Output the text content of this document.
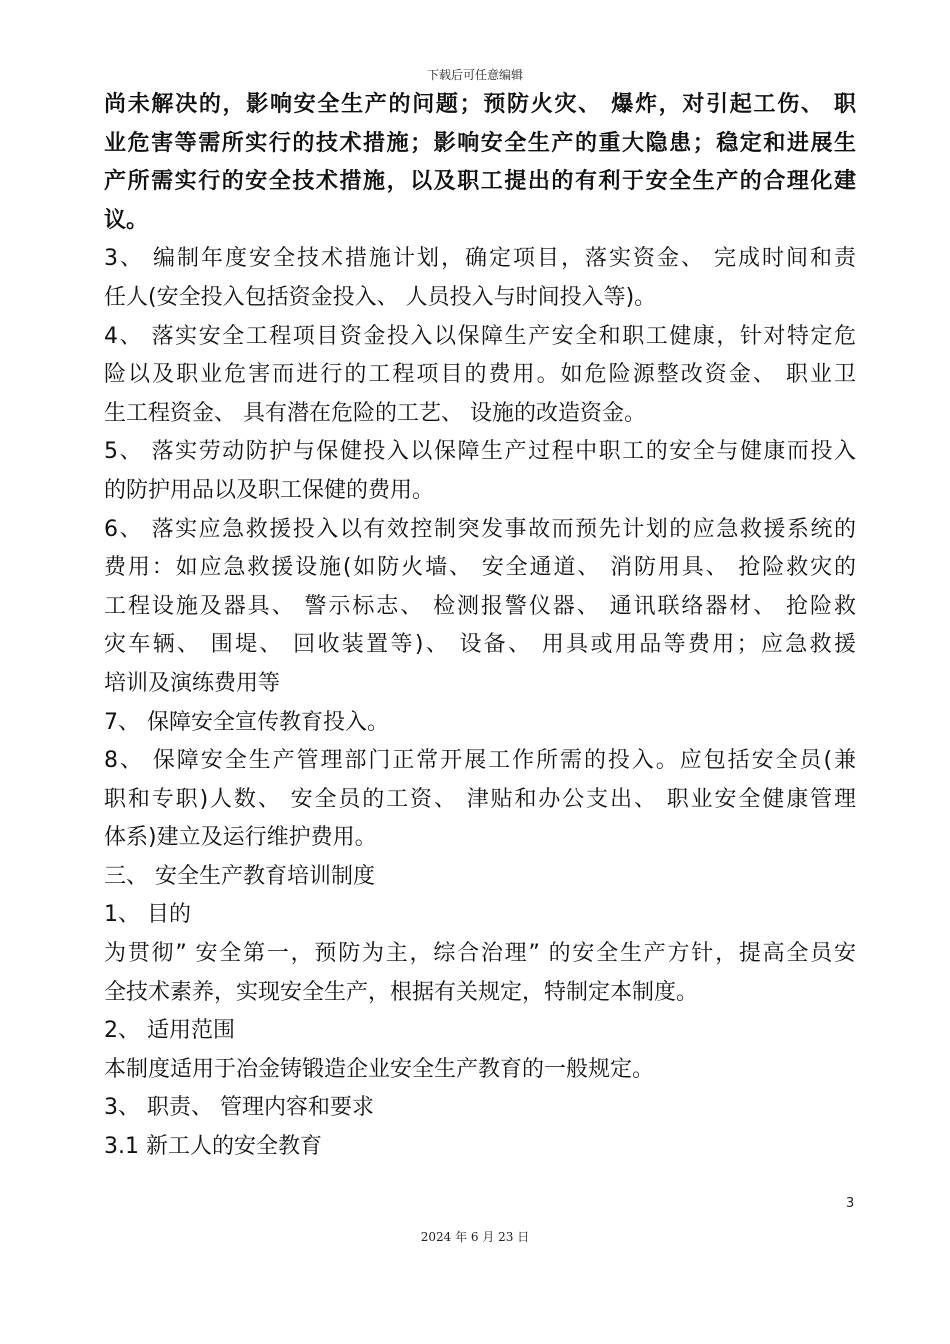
下载后可任意编辑
尚未解决的，影响安全生产的问题；预防火灾、 爆炸，对引起工伤、 职
业危害等需所实行的技术措施；影响安全生产的重大隐患；稳定和进展生
产所需实行的安全技术措施，以及职工提出的有利于安全生产的合理化建
议。
3、 编制年度安全技术措施计划，确定项目，落实资金、 完成时间和责
任人(安全投入包括资金投入、 人员投入与时间投入等)。
4、 落实安全工程项目资金投入以保障生产安全和职工健康，针对特定危
险以及职业危害而进行的工程项目的费用。如危险源整改资金、 职业卫
生工程资金、 具有潜在危险的工艺、 设施的改造资金。
5、 落实劳动防护与保健投入以保障生产过程中职工的安全与健康而投入
的防护用品以及职工保健的费用。
6、 落实应急救援投入以有效控制突发事故而预先计划的应急救援系统的
费用：如应急救援设施(如防火墙、 安全通道、 消防用具、 抢险救灾的
工程设施及器具、 警示标志、 检测报警仪器、 通讯联络器材、 抢险救
灾车辆、 围堤、 回收装置等)、 设备、 用具或用品等费用；应急救援
培训及演练费用等
7、 保障安全宣传教育投入。
8、 保障安全生产管理部门正常开展工作所需的投入。应包括安全员(兼
职和专职)人数、 安全员的工资、 津贴和办公支出、 职业安全健康管理
体系)建立及运行维护费用。
三、 安全生产教育培训制度
1、 目的
为贯彻” 安全第一，预防为主，综合治理” 的安全生产方针，提高全员安
全技术素养，实现安全生产，根据有关规定，特制定本制度。
2、 适用范围
本制度适用于冶金铸锻造企业安全生产教育的一般规定。
3、 职责、 管理内容和要求
3.1 新工人的安全教育
3
2024 年 6 月 23 日
